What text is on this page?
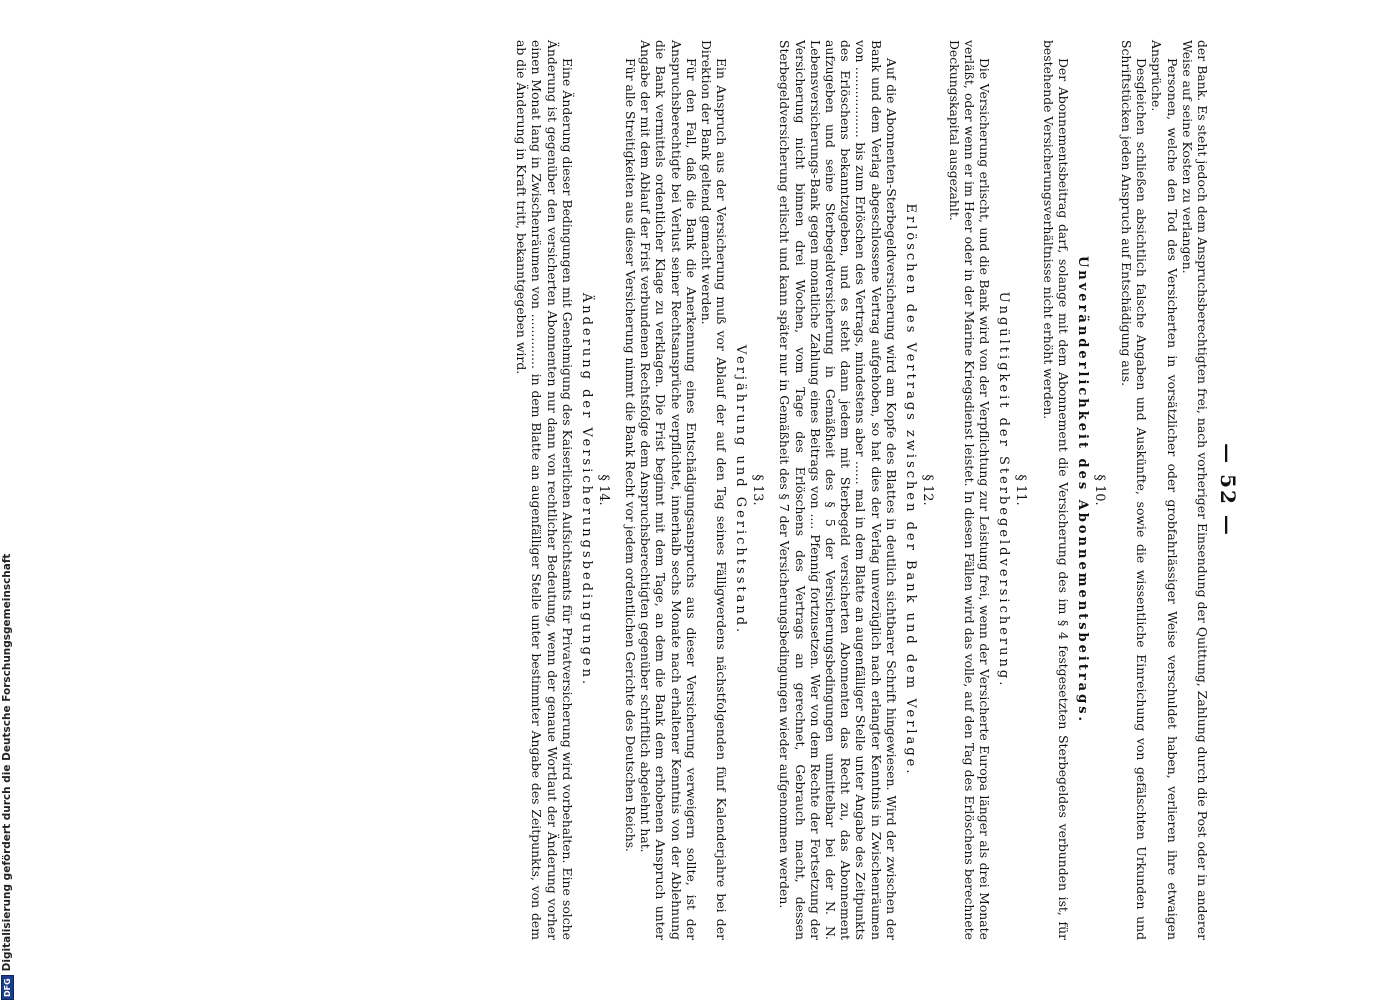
— 52 —

der Bank. Es steht jedoch dem Anspruchsberechtigten frei, nach vorheriger Einsendung der Quittung, Zahlung durch die Post oder in anderer Weise auf seine Kosten zu verlangen.

Personen, welche den Tod des Versicherten in vorsätzlicher oder grobfahrlässiger Weise verschuldet haben, verlieren ihre etwaigen Ansprüche.

Desgleichen schließen absichtlich falsche Angaben und Auskünfte, sowie die wissentliche Einreichung von gefälschten Urkunden und Schriftstücken jeden Anspruch auf Entschädigung aus.

§ 10.
Unveränderlichkeit des Abonnementsbeitrags.

Der Abonnementsbeitrag darf, solange mit dem Abonnement die Versicherung des im § 4 festgesetzten Sterbegeldes verbunden ist, für bestehende Versicherungsverhältnisse nicht erhöht werden.

§ 11.
Ungültigkeit der Sterbegeldversicherung.

Die Versicherung erlischt, und die Bank wird von der Verpflichtung zur Leistung frei, wenn der Versicherte Europa länger als drei Monate verläßt, oder wenn er im Heer oder in der Marine Kriegsdienst leistet. In diesen Fällen wird das volle, auf den Tag des Erlöschens berechnete Deckungskapital ausgezahlt.

§ 12.
Erlöschen des Vertrags zwischen der Bank und dem Verlage.

Auf die Abonnenten-Sterbegeldversicherung wird am Kopfe des Blattes in deutlich sichtbarer Schrift hingewiesen. Wird der zwischen der Bank und dem Verlag abgeschlossene Vertrag aufgehoben, so hat dies der Verlag unverzüglich nach erlangter Kenntnis in Zwischenräumen von .................. bis zum Erlöschen des Vertrags, mindestens aber ...... mal in dem Blatte an augenfälliger Stelle unter Angabe des Zeitpunkts des Erlöschens bekanntzugeben, und es steht dann jedem mit Sterbegeld versicherten Abonnenten das Recht zu, das Abonnement aufzugeben und seine Sterbegeldversicherung in Gemäßheit des § 5 der Versicherungsbedingungen unmittelbar bei der N. N. Lebensversicherungs-Bank gegen monatliche Zahlung eines Beitrags von .... Pfennig fortzusetzen. Wer von dem Rechte der Fortsetzung der Versicherung nicht binnen drei Wochen, vom Tage des Erlöschens des Vertrags an gerechnet, Gebrauch macht, dessen Sterbegeldversicherung erlischt und kann später nur in Gemäßheit des § 7 der Versicherungsbedingungen wieder aufgenommen werden.

§ 13.
Verjährung und Gerichtsstand.

Ein Anspruch aus der Versicherung muß vor Ablauf der auf den Tag seines Fälligwerdens nächstfolgenden fünf Kalenderjahre bei der Direktion der Bank geltend gemacht werden.

Für den Fall, daß die Bank die Anerkennung eines Entschädigungsanspruchs aus dieser Versicherung verweigern sollte, ist der Anspruchsberechtigte bei Verlust seiner Rechtsansprüche verpflichtet, innerhalb sechs Monate nach erhaltener Kenntnis von der Ablehnung die Bank vermittels ordentlicher Klage zu verklagen. Die Frist beginnt mit dem Tage, an dem die Bank dem erhobenen Anspruch unter Angabe der mit dem Ablauf der Frist verbundenen Rechtsfolge dem Anspruchsberechtigten gegenüber schriftlich abgelehnt hat.

Für alle Streitigkeiten aus dieser Versicherung nimmt die Bank Recht vor jedem ordentlichen Gerichte des Deutschen Reichs.

§ 14.
Änderung der Versicherungsbedingungen.

Eine Änderung dieser Bedingungen mit Genehmigung des Kaiserlichen Aufsichtsamts für Privatversicherung wird vorbehalten. Eine solche Änderung ist gegenüber den versicherten Abonnenten nur dann von rechtlicher Bedeutung, wenn der genaue Wortlaut der Änderung vorher einen Monat lang in Zwischenräumen von .............. in dem Blatte an augenfälliger Stelle unter bestimmter Angabe des Zeitpunkts, von dem ab die Änderung in Kraft tritt, bekanntgegeben wird.

DFG
Digitalisierung gefördert durch die Deutsche Forschungsgemeinschaft
